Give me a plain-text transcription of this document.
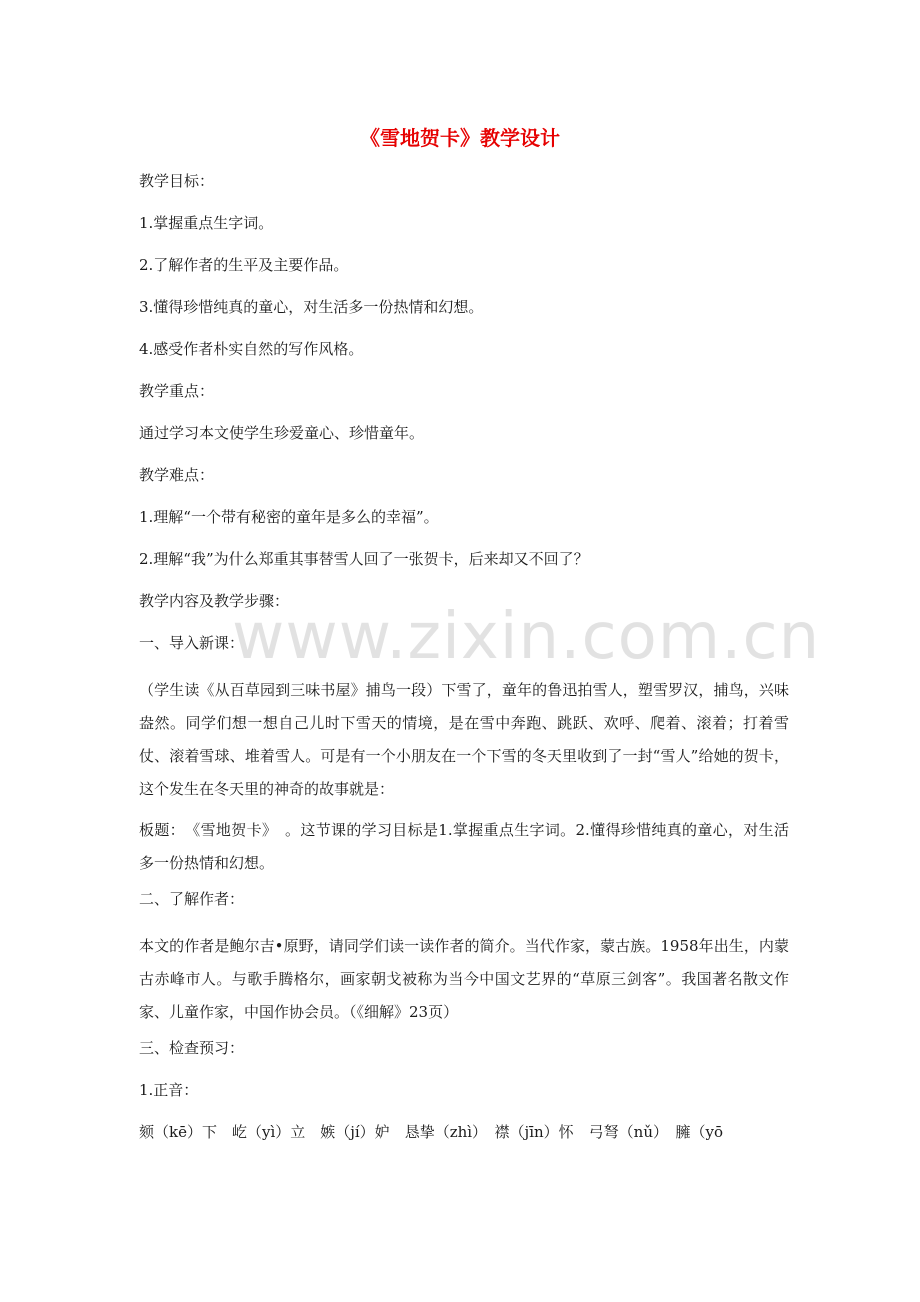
www.zixin.com.cn
《雪地贺卡》教学设计

教学目标：

1.掌握重点生字词。

2.了解作者的生平及主要作品。

3.懂得珍惜纯真的童心，对生活多一份热情和幻想。

4.感受作者朴实自然的写作风格。

教学重点：

通过学习本文使学生珍爱童心、珍惜童年。

教学难点：

1.理解“一个带有秘密的童年是多么的幸福”。

2.理解“我”为什么郑重其事替雪人回了一张贺卡，后来却又不回了？

教学内容及教学步骤：

一、导入新课：

（学生读《从百草园到三味书屋》捕鸟一段）下雪了，童年的鲁迅拍雪人，塑雪罗汉，捕鸟，兴味盎然。同学们想一想自己儿时下雪天的情境，是在雪中奔跑、跳跃、欢呼、爬着、滚着；打着雪仗、滚着雪球、堆着雪人。可是有一个小朋友在一个下雪的冬天里收到了一封“雪人”给她的贺卡，这个发生在冬天里的神奇的故事就是：

板题：　《雪地贺卡》　。这节课的学习目标是1.掌握重点生字词。2.懂得珍惜纯真的童心，对生活多一份热情和幻想。

二、了解作者：

本文的作者是鲍尔吉•原野，请同学们读一读作者的简介。当代作家，蒙古族。1958年出生，内蒙古赤峰市人。与歌手腾格尔，画家朝戈被称为当今中国文艺界的“草原三剑客”。我国著名散文作家、儿童作家，中国作协会员。（《细解》23页）

三、检查预习：

1.正音：

颏（kē）下　屹（yì）立　嫉（jí）妒　恳挚（zhì）　襟（jīn）怀　弓弩（nǔ）　臃（yō
